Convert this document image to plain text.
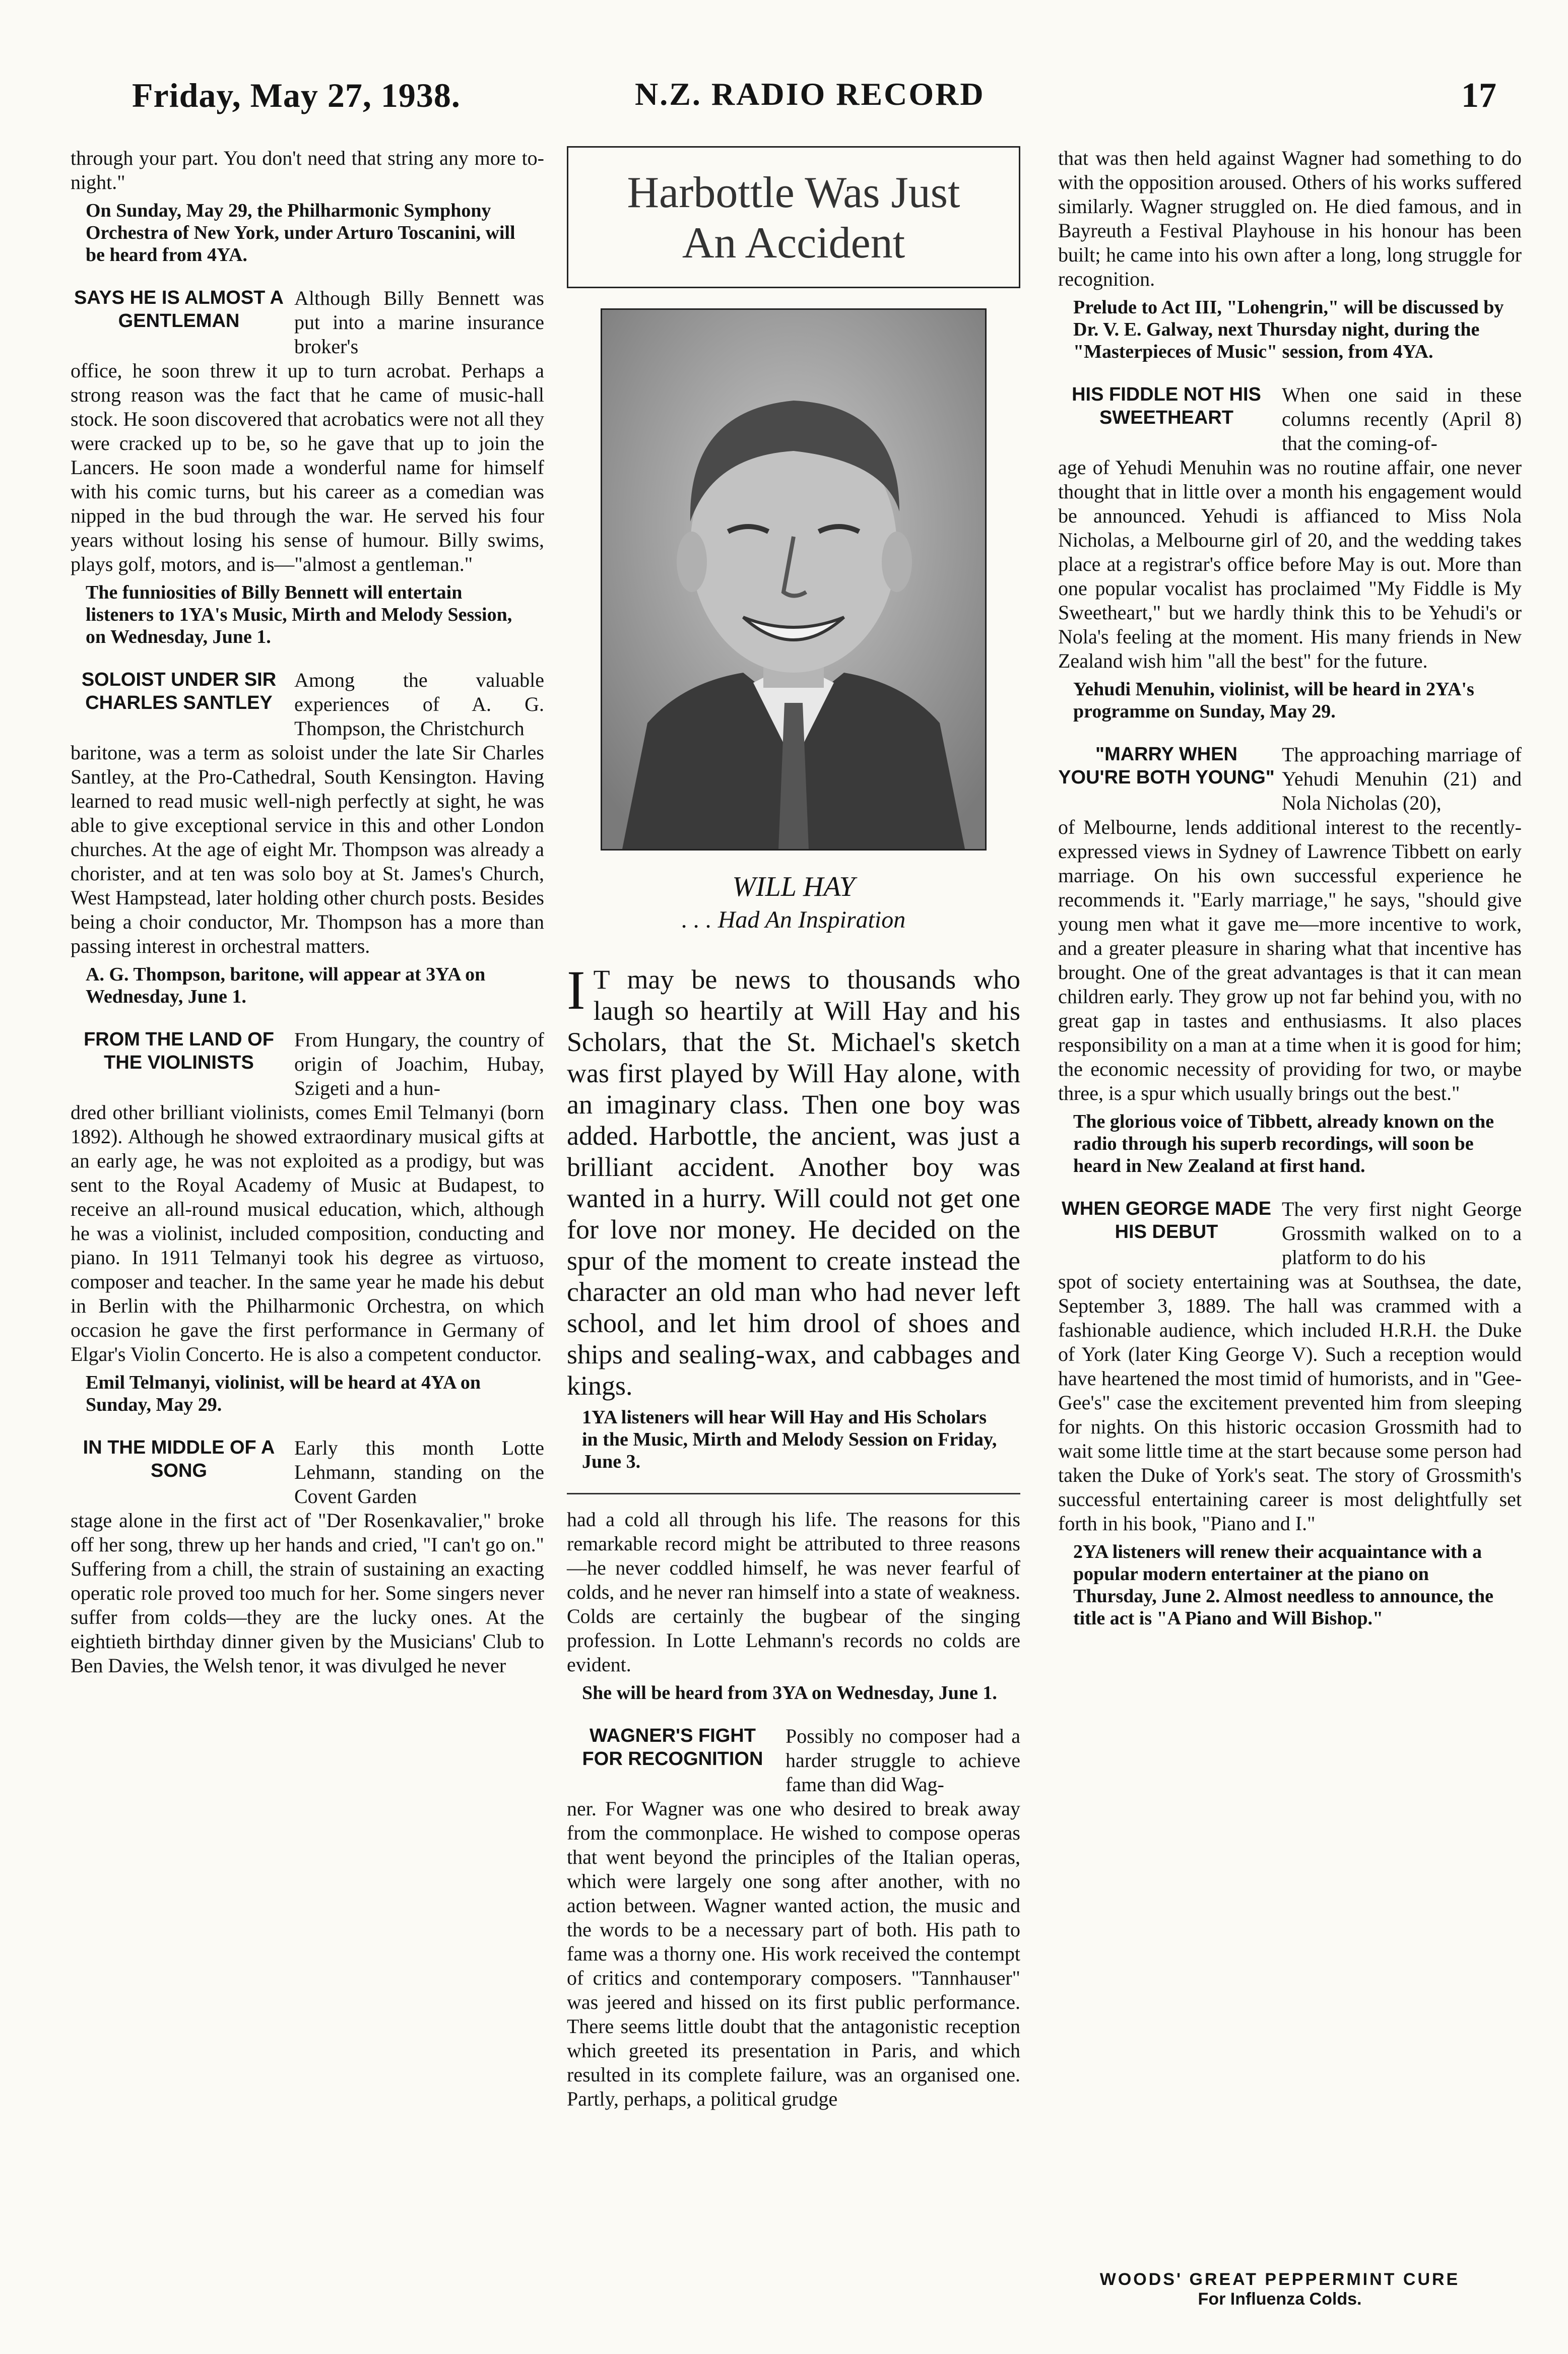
Friday, May 27, 1938.	N.Z. RADIO RECORD	17
through your part. You don't need that string any more to-night."
On Sunday, May 29, the Philharmonic Symphony Orchestra of New York, under Arturo Toscanini, will be heard from 4YA.
SAYS HE IS ALMOST A GENTLEMAN
Although Billy Bennett was put into a marine insurance broker's
office, he soon threw it up to turn acrobat. Perhaps a strong reason was the fact that he came of music-hall stock. He soon discovered that acrobatics were not all they were cracked up to be, so he gave that up to join the Lancers. He soon made a wonderful name for himself with his comic turns, but his career as a comedian was nipped in the bud through the war. He served his four years without losing his sense of humour. Billy swims, plays golf, motors, and is—"almost a gentleman."
The funniosities of Billy Bennett will entertain listeners to 1YA's Music, Mirth and Melody Session, on Wednesday, June 1.
SOLOIST UNDER SIR CHARLES SANTLEY
Among the valuable experiences of A. G. Thompson, the Christchurch
baritone, was a term as soloist under the late Sir Charles Santley, at the Pro-Cathedral, South Kensington. Having learned to read music well-nigh perfectly at sight, he was able to give exceptional service in this and other London churches. At the age of eight Mr. Thompson was already a chorister, and at ten was solo boy at St. James's Church, West Hampstead, later holding other church posts. Besides being a choir conductor, Mr. Thompson has a more than passing interest in orchestral matters.
A. G. Thompson, baritone, will appear at 3YA on Wednesday, June 1.
FROM THE LAND OF THE VIOLINISTS
From Hungary, the country of origin of Joachim, Hubay, Szigeti and a hun-
dred other brilliant violinists, comes Emil Telmanyi (born 1892). Although he showed extraordinary musical gifts at an early age, he was not exploited as a prodigy, but was sent to the Royal Academy of Music at Budapest, to receive an all-round musical education, which, although he was a violinist, included composition, conducting and piano. In 1911 Telmanyi took his degree as virtuoso, composer and teacher. In the same year he made his debut in Berlin with the Philharmonic Orchestra, on which occasion he gave the first performance in Germany of Elgar's Violin Concerto. He is also a competent conductor.
Emil Telmanyi, violinist, will be heard at 4YA on Sunday, May 29.
IN THE MIDDLE OF A SONG
Early this month Lotte Lehmann, standing on the Covent Garden
stage alone in the first act of "Der Rosenkavalier," broke off her song, threw up her hands and cried, "I can't go on." Suffering from a chill, the strain of sustaining an exacting operatic role proved too much for her. Some singers never suffer from colds—they are the lucky ones. At the eightieth birthday dinner given by the Musicians' Club to Ben Davies, the Welsh tenor, it was divulged he never
Harbottle Was Just
An Accident
WILL HAY
. . . Had An Inspiration
I T may be news to thousands who laugh so heartily at Will Hay and his Scholars, that the St. Michael's sketch was first played by Will Hay alone, with an imaginary class. Then one boy was added. Harbottle, the ancient, was just a brilliant accident. Another boy was wanted in a hurry. Will could not get one for love nor money. He decided on the spur of the moment to create instead the character an old man who had never left school, and let him drool of shoes and ships and sealing-wax, and cabbages and kings.
1YA listeners will hear Will Hay and His Scholars in the Music, Mirth and Melody Session on Friday, June 3.
had a cold all through his life. The reasons for this remarkable record might be attributed to three reasons—he never coddled himself, he was never fearful of colds, and he never ran himself into a state of weakness. Colds are certainly the bugbear of the singing profession. In Lotte Lehmann's records no colds are evident.
She will be heard from 3YA on Wednesday, June 1.
WAGNER'S FIGHT FOR RECOGNITION
Possibly no composer had a harder struggle to achieve fame than did Wag-
ner. For Wagner was one who desired to break away from the commonplace. He wished to compose operas that went beyond the principles of the Italian operas, which were largely one song after another, with no action between. Wagner wanted action, the music and the words to be a necessary part of both. His path to fame was a thorny one. His work received the contempt of critics and contemporary composers. "Tannhauser" was jeered and hissed on its first public performance. There seems little doubt that the antagonistic reception which greeted its presentation in Paris, and which resulted in its complete failure, was an organised one. Partly, perhaps, a political grudge
that was then held against Wagner had something to do with the opposition aroused. Others of his works suffered similarly. Wagner struggled on. He died famous, and in Bayreuth a Festival Playhouse in his honour has been built; he came into his own after a long, long struggle for recognition.
Prelude to Act III, "Lohengrin," will be discussed by Dr. V. E. Galway, next Thursday night, during the "Masterpieces of Music" session, from 4YA.
HIS FIDDLE NOT HIS SWEETHEART
When one said in these columns recently (April 8) that the coming-of-
age of Yehudi Menuhin was no routine affair, one never thought that in little over a month his engagement would be announced. Yehudi is affianced to Miss Nola Nicholas, a Melbourne girl of 20, and the wedding takes place at a registrar's office before May is out. More than one popular vocalist has proclaimed "My Fiddle is My Sweetheart," but we hardly think this to be Yehudi's or Nola's feeling at the moment. His many friends in New Zealand wish him "all the best" for the future.
Yehudi Menuhin, violinist, will be heard in 2YA's programme on Sunday, May 29.
"MARRY WHEN YOU'RE BOTH YOUNG"
The approaching marriage of Yehudi Menuhin (21) and Nola Nicholas (20),
of Melbourne, lends additional interest to the recently-expressed views in Sydney of Lawrence Tibbett on early marriage. On his own successful experience he recommends it. "Early marriage," he says, "should give young men what it gave me—more incentive to work, and a greater pleasure in sharing what that incentive has brought. One of the great advantages is that it can mean children early. They grow up not far behind you, with no great gap in tastes and enthusiasms. It also places responsibility on a man at a time when it is good for him; the economic necessity of providing for two, or maybe three, is a spur which usually brings out the best."
The glorious voice of Tibbett, already known on the radio through his superb recordings, will soon be heard in New Zealand at first hand.
WHEN GEORGE MADE HIS DEBUT
The very first night George Grossmith walked on to a platform to do his
spot of society entertaining was at Southsea, the date, September 3, 1889. The hall was crammed with a fashionable audience, which included H.R.H. the Duke of York (later King George V). Such a reception would have heartened the most timid of humorists, and in "Gee-Gee's" case the excitement prevented him from sleeping for nights. On this historic occasion Grossmith had to wait some little time at the start because some person had taken the Duke of York's seat. The story of Grossmith's successful entertaining career is most delightfully set forth in his book, "Piano and I."
2YA listeners will renew their acquaintance with a popular modern entertainer at the piano on Thursday, June 2. Almost needless to announce, the title act is "A Piano and Will Bishop."
WOODS' GREAT PEPPERMINT CURE
For Influenza Colds.
